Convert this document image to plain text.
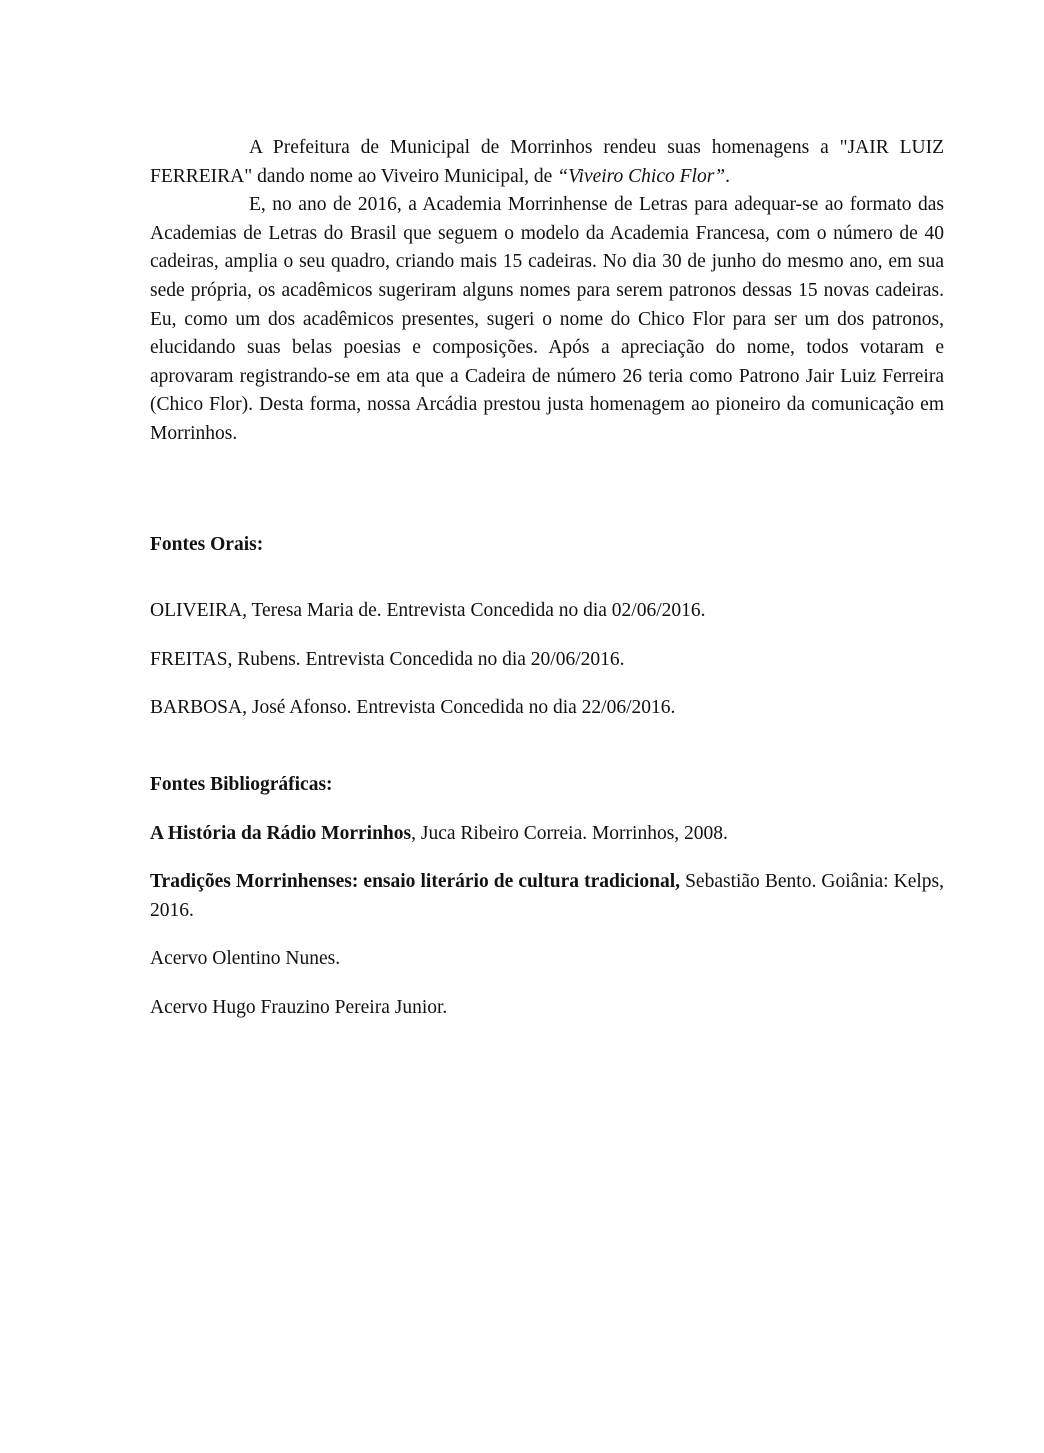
A Prefeitura de Municipal de Morrinhos rendeu suas homenagens a "JAIR LUIZ FERREIRA" dando nome ao Viveiro Municipal, de “Viveiro Chico Flor”.

E, no ano de 2016, a Academia Morrinhense de Letras para adequar-se ao formato das Academias de Letras do Brasil que seguem o modelo da Academia Francesa, com o número de 40 cadeiras, amplia o seu quadro, criando mais 15 cadeiras. No dia 30 de junho do mesmo ano, em sua sede própria, os acadêmicos sugeriram alguns nomes para serem patronos dessas 15 novas cadeiras. Eu, como um dos acadêmicos presentes, sugeri o nome do Chico Flor para ser um dos patronos, elucidando suas belas poesias e composições. Após a apreciação do nome, todos votaram e aprovaram registrando-se em ata que a Cadeira de número 26 teria como Patrono Jair Luiz Ferreira (Chico Flor). Desta forma, nossa Arcádia prestou justa homenagem ao pioneiro da comunicação em Morrinhos.

Fontes Orais:

OLIVEIRA, Teresa Maria de. Entrevista Concedida no dia 02/06/2016.

FREITAS, Rubens. Entrevista Concedida no dia 20/06/2016.

BARBOSA, José Afonso. Entrevista Concedida no dia 22/06/2016.

Fontes Bibliográficas:

A História da Rádio Morrinhos, Juca Ribeiro Correia. Morrinhos, 2008.

Tradições Morrinhenses: ensaio literário de cultura tradicional, Sebastião Bento. Goiânia: Kelps, 2016.

Acervo Olentino Nunes.

Acervo Hugo Frauzino Pereira Junior.
